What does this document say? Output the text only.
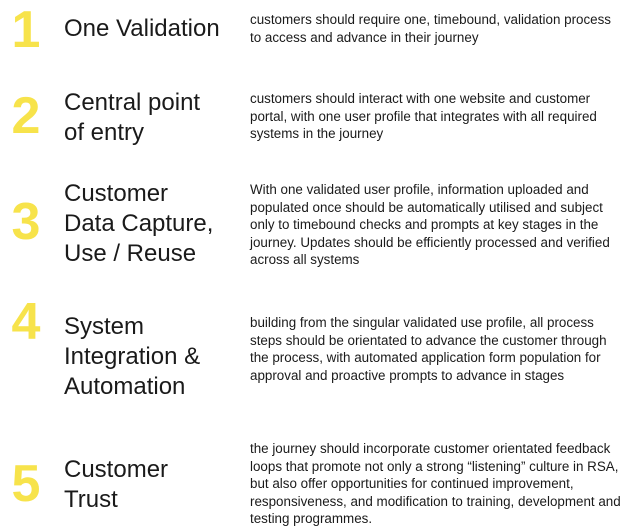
1 One Validation	customers should require one, timebound, validation process to access and advance in their journey
2 Central point
of entry
customers should interact with one website and customer portal, with one user profile that integrates with all required systems in the journey
3 Customer
Data Capture,
Use / Reuse
With one validated user profile, information uploaded and populated once should be automatically utilised and subject only to timebound checks and prompts at key stages in the journey. Updates should be efficiently processed and verified across all systems
4 System
Integration &
Automation
building from the singular validated use profile, all process steps should be orientated to advance the customer through the process, with automated application form population for approval and proactive prompts to advance in stages
5 Customer
Trust
the journey should incorporate customer orientated feedback loops that promote not only a strong “listening” culture in RSA, but also offer opportunities for continued improvement, responsiveness, and modification to training, development and testing programmes.
